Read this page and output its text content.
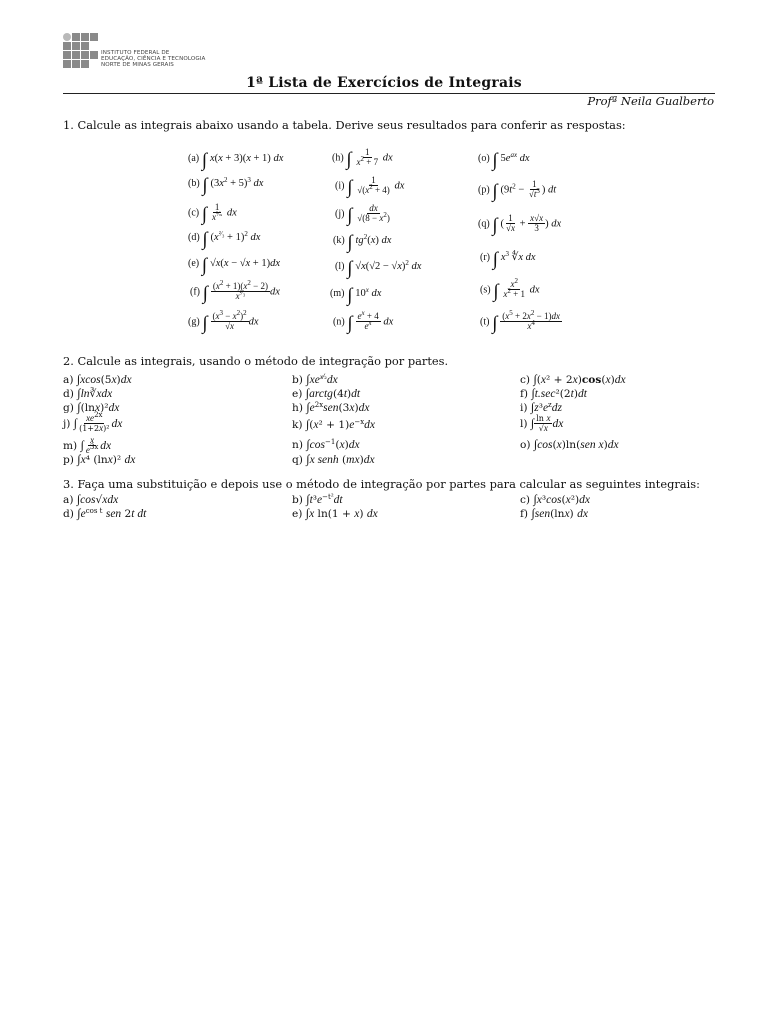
INSTITUTO FEDERAL DE
EDUCAÇÃO, CIÊNCIA E TECNOLOGIA
NORTE DE MINAS GERAIS
1ª Lista de Exercícios de Integrais
Profª Neila Gualberto
1. Calcule as integrais abaixo usando a tabela. Derive seus resultados para conferir as respostas:
(a) ∫ x(x + 3)(x + 1) dx
(b) ∫ $(3x^2 + 5)^3$ dx
(c) ∫ $\frac{1}{x^{^1⁄_n}}$ dx
(d) ∫ $(x^{^2⁄_3} + 1)^2$ dx
(e) ∫ √x(x − √x + 1)dx
(f) ∫ $\frac{(x^2 + 1)(x^2 - 2)}{x^{^2⁄_3}}$ dx
(g) ∫ $\frac{(x^3 - x^2)^2}{√x}$ dx
(h) ∫ $\frac{1}{x^2 + 7}$ dx
(i) ∫ $\frac{1}{√(x^2 + 4)}$ dx
(j) ∫ $\frac{dx}{√(8 - x^2)}$
(k) ∫ $tg^2(x)$ dx
(l) ∫ $√x(√2 - √x)^2$ dx
(m) ∫ 10$^x$ dx
(n) ∫ $\frac{e^x + 4}{e^x}$ dx
(o) ∫ $5e^{ax}$ dx
(p) ∫ ($9t^2 - \frac{1}{√t^3}$ ) dt
(q) ∫ ( $\frac{1}{√x} + \frac{x√x}{3}$ ) dx
(r) ∫ $x^3$ ∜x dx
(s) ∫ $\frac{x^2}{x^2 + 1}$ dx
(t) ∫ $\frac{(x^5 + 2x^2 - 1)dx}{x^4}$
2. Calcule as integrais, usando o método de integração por partes.
a) ∫xcos(5x)dx
d) ∫ln∛xdx
g) ∫(lnx)²dx
j) ∫ $\frac{xe^{2x}}{\text{(1+2x)²}}$ dx
m) ∫ $\frac{x}{e^{3x}}$ dx
p) ∫x⁴ (lnx)² dx
b) $\int xe^{x⁄_2}dx$
e) ∫arctg(4t)dt
h) $\int e^{2x}sen(3x)dx$
k) $\int(x^2 + 1)e^{-x}dx$
n) $\int\cos^{-1}(x)dx$
q) ∫x senh (mx)dx
c) ∫(x² + 2x)cos(x)dx
f) ∫t.sec²(2t)dt
i) $\int z^3e^zdz$
l) ∫ $\frac{\text{ln x}}{√x}$ dx
o) ∫cos(x)ln(sen x)dx
3. Faça uma substituição e depois use o método de integração por partes para calcular as seguintes integrais:
a) ∫cos√xdx
d) $\int e^{cos t}$ sen 2t dt
b) $\int t^3e^{-t^2}dt$
e) ∫x ln(1 + x) dx
c) ∫x³cos(x²)dx
f) ∫sen(lnx) dx
